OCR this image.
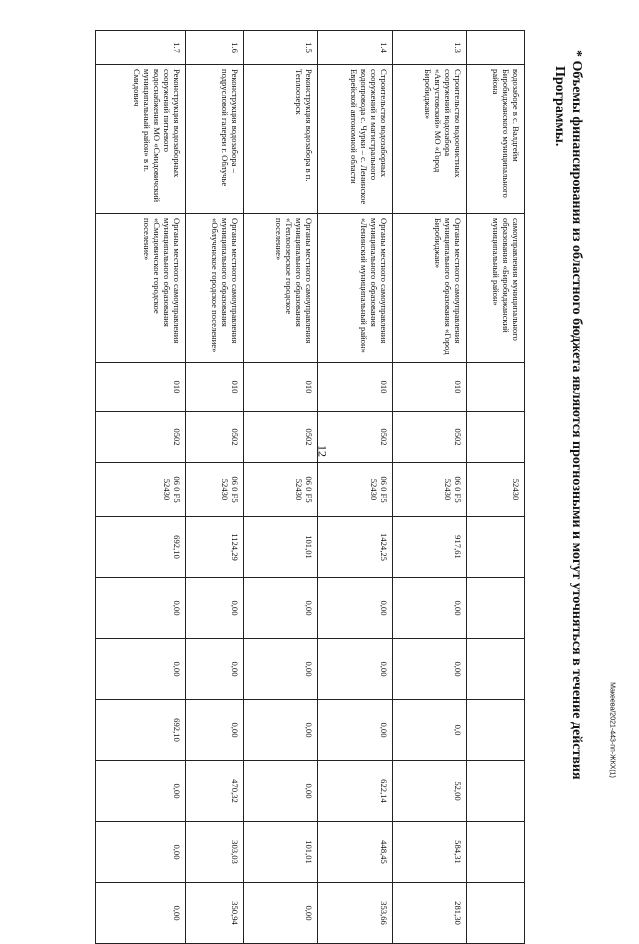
12
	водозаборе в с. Валдгейм Биробиджанского муниципального района	самоуправления муниципального образования «Биробиджанский муниципальный район»			52430							
1.3	Строительство водоочистных сооружений водозабора «Августовский» МО «Город Биробиджан»	Органы местного самоуправления муниципального образования «Город Биробиджан»	010	0502	06 0 F5 52430	917,61	0,00	0,00	0,0	52,00	584,31	281,30
1.4	Строительство водозаборных сооружений и магистрального водопровода с. Чурки – с. Ленинское Еврейской автономной области	Органы местного самоуправления муниципального образования «Ленинский муниципальный район»	010	0502	06 0 F5 52430	1424,25	0,00	0,00	0,00	622,14	448,45	353,66
1.5	Реконструкция водозабора в п. Теплоозерск	Органы местного самоуправления муниципального образования «Теплоозерское городское поселение»	010	0502	06 0 F5 52430	101,01	0,00	0,00	0,00	0,00	101,01	0,00
1.6	Реконструкция водозабора – подрусловой галереи г. Облучье	Органы местного самоуправления муниципального образования «Облученское городское поселение»	010	0502	06 0 F5 52430	1124,29	0,00	0,00	0,00	470,32	303,03	350,94
1.7	Реконструкция водозаборных сооружений питьевого водоснабжения МО «Смидовичский муниципальный район» в п. Смидович	Органы местного самоуправления муниципального образования «Смидовичское городское поселение»	010	0502	06 0 F5 52430	692,10	0,00	0,00	692,10	0,00	0,00	0,00
* Объемы финансирования из областного бюджета являются прогнозными и могут уточняться в течение действия
Программы.
Макеева/2021-443-пп-ЖКХ(1)
